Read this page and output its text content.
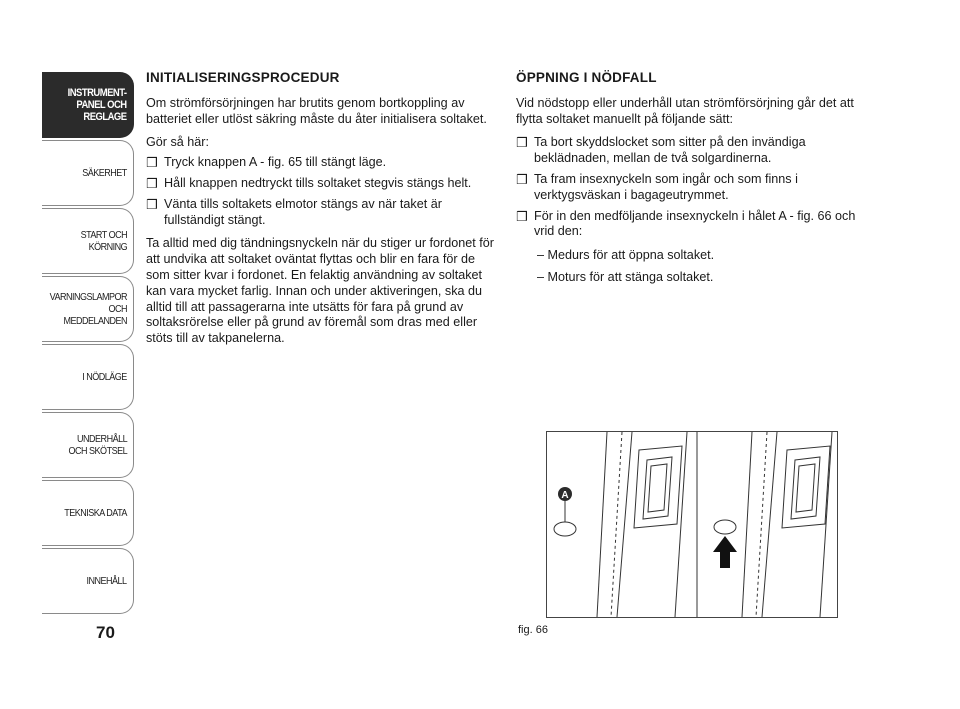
INSTRUMENT-
PANEL OCH
REGLAGE
SÄKERHET
START OCH
KÖRNING
VARNINGSLAMPOR
OCH
MEDDELANDEN
I NÖDLÄGE
UNDERHÅLL
OCH SKÖTSEL
TEKNISKA DATA
INNEHÅLL
70
INITIALISERINGSPROCEDUR

Om strömförsörjningen har brutits genom bortkoppling av batteriet eller utlöst säkring måste du åter initialisera soltaket.

Gör så här:

❒ Tryck knappen A - fig. 65 till stängt läge.
❒ Håll knappen nedtryckt tills soltaket stegvis stängs helt.
❒ Vänta tills soltakets elmotor stängs av när taket är fullständigt stängt.

Ta alltid med dig tändningsnyckeln när du stiger ur fordonet för att undvika att soltaket oväntat flyttas och blir en fara för de som sitter kvar i fordonet. En felaktig användning av soltaket kan vara mycket farlig. Innan och under aktiveringen, ska du alltid till att passagerarna inte utsätts för fara på grund av soltaksrörelse eller på grund av föremål som dras med eller stöts till av takpanelerna.

ÖPPNING I NÖDFALL

Vid nödstopp eller underhåll utan strömförsörjning går det att flytta soltaket manuellt på följande sätt:

❒ Ta bort skyddslocket som sitter på den invändiga beklädnaden, mellan de två solgardinerna.
❒ Ta fram insexnyckeln som ingår och som finns i verktygsväskan i bagageutrymmet.
❒ För in den medföljande insexnyckeln i hålet A - fig. 66 och vrid den:
– Medurs för att öppna soltaket.
– Moturs för att stänga soltaket.
A
fig. 66
